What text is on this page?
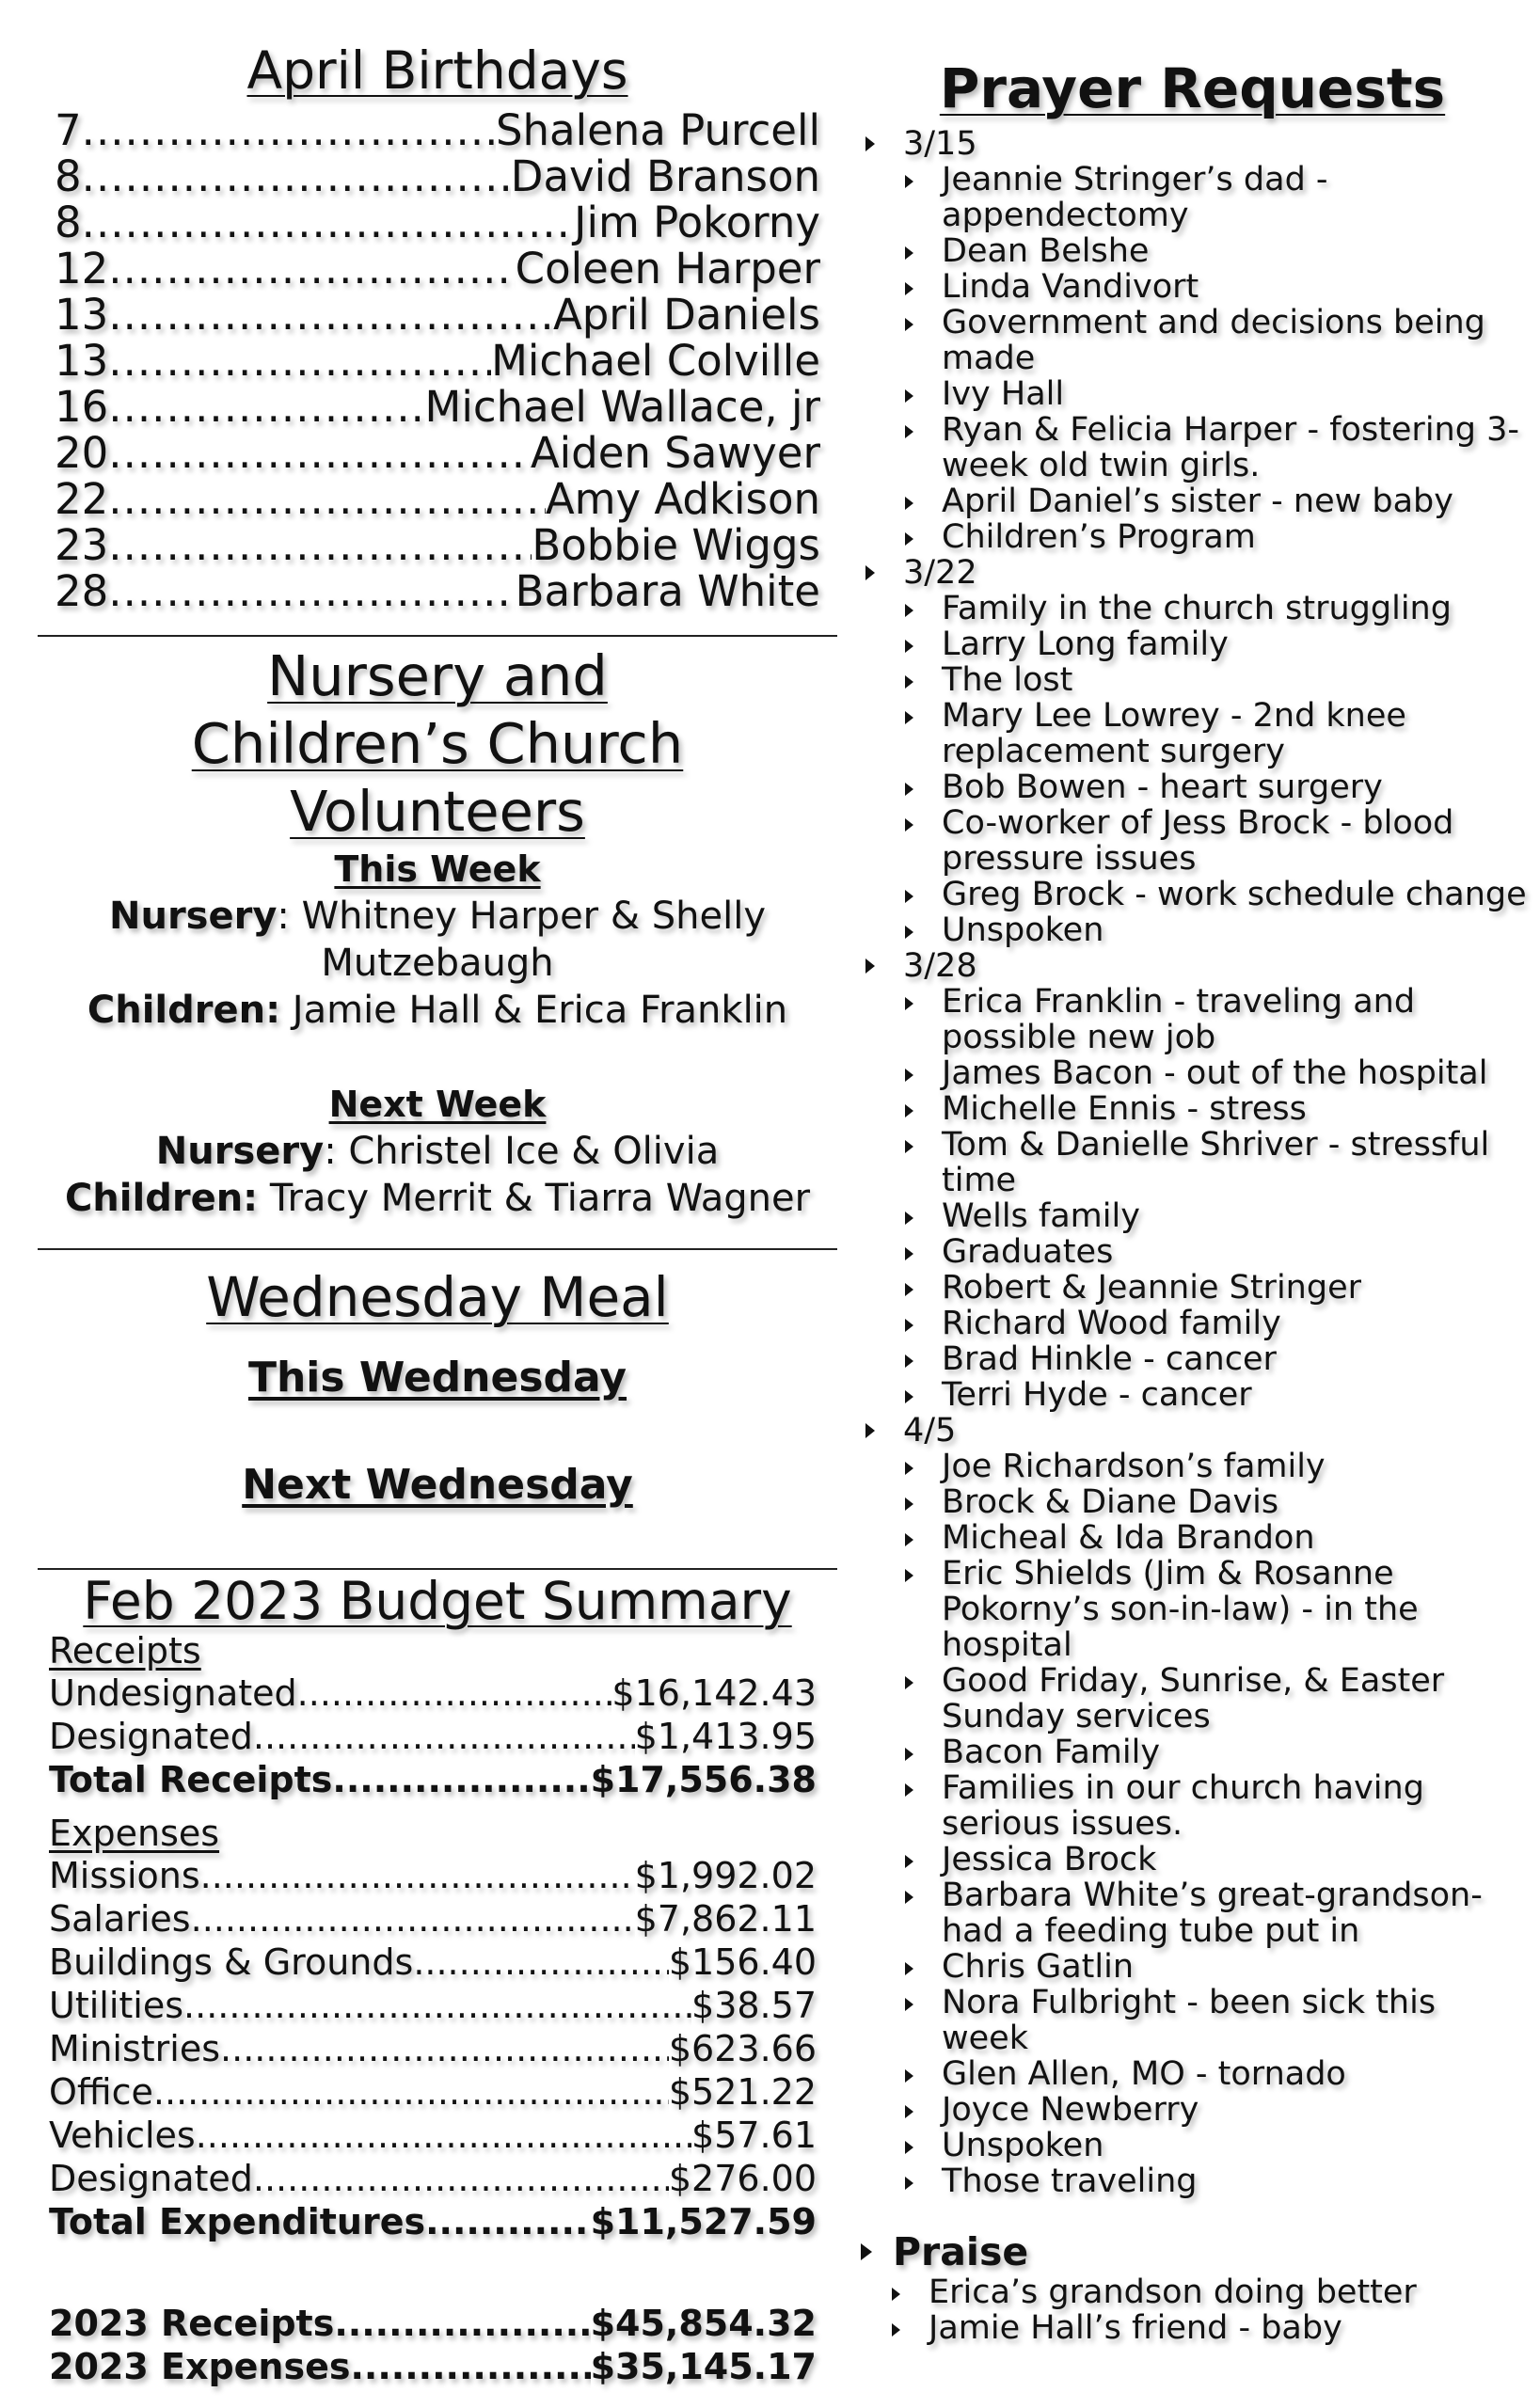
April Birthdays
7 .....	Shalena Purcell
8 .....	David Branson
8 .....	Jim Pokorny
12 .....	Coleen Harper
13 .....	April Daniels
13 .....	Michael Colville
16 .....	Michael Wallace, jr
20 .....	Aiden Sawyer
22 .....	Amy Adkison
23 .....	Bobbie Wiggs
28 .....	Barbara White
Nursery and Children’s Church Volunteers
This Week
Nursery: Whitney Harper & Shelly Mutzebaugh
Children: Jamie Hall & Erica Franklin
Next Week
Nursery: Christel Ice & Olivia
Children: Tracy Merrit & Tiarra Wagner
Wednesday Meal
This Wednesday
Next Wednesday
Feb 2023 Budget Summary
Receipts
Undesignated .....	$16,142.43
Designated .....	$1,413.95
Total Receipts .....	$17,556.38
Expenses
Missions .....	$1,992.02
Salaries .....	$7,862.11
Buildings & Grounds .....	$156.40
Utilities .....	$38.57
Ministries .....	$623.66
Office .....	$521.22
Vehicles .....	$57.61
Designated .....	$276.00
Total Expenditures .....	$11,527.59
2023 Receipts .....	$45,854.32
2023 Expenses .....	$35,145.17
Prayer Requests
3/15
Jeannie Stringer’s dad - appendectomy
Dean Belshe
Linda Vandivort
Government and decisions being made
Ivy Hall
Ryan & Felicia Harper - fostering 3-week old twin girls.
April Daniel’s sister - new baby
Children’s Program
3/22
Family in the church struggling
Larry Long family
The lost
Mary Lee Lowrey - 2nd knee replacement surgery
Bob Bowen - heart surgery
Co-worker of Jess Brock - blood pressure issues
Greg Brock - work schedule change
Unspoken
3/28
Erica Franklin - traveling and possible new job
James Bacon - out of the hospital
Michelle Ennis - stress
Tom & Danielle Shriver - stressful time
Wells family
Graduates
Robert & Jeannie Stringer
Richard Wood family
Brad Hinkle - cancer
Terri Hyde - cancer
4/5
Joe Richardson’s family
Brock & Diane Davis
Micheal & Ida Brandon
Eric Shields (Jim & Rosanne Pokorny’s son-in-law) - in the hospital
Good Friday, Sunrise, & Easter Sunday services
Bacon Family
Families in our church having serious issues.
Jessica Brock
Barbara White’s great-grandson- had a feeding tube put in
Chris Gatlin
Nora Fulbright - been sick this week
Glen Allen, MO - tornado
Joyce Newberry
Unspoken
Those traveling
Praise
Erica’s grandson doing better
Jamie Hall’s friend - baby
